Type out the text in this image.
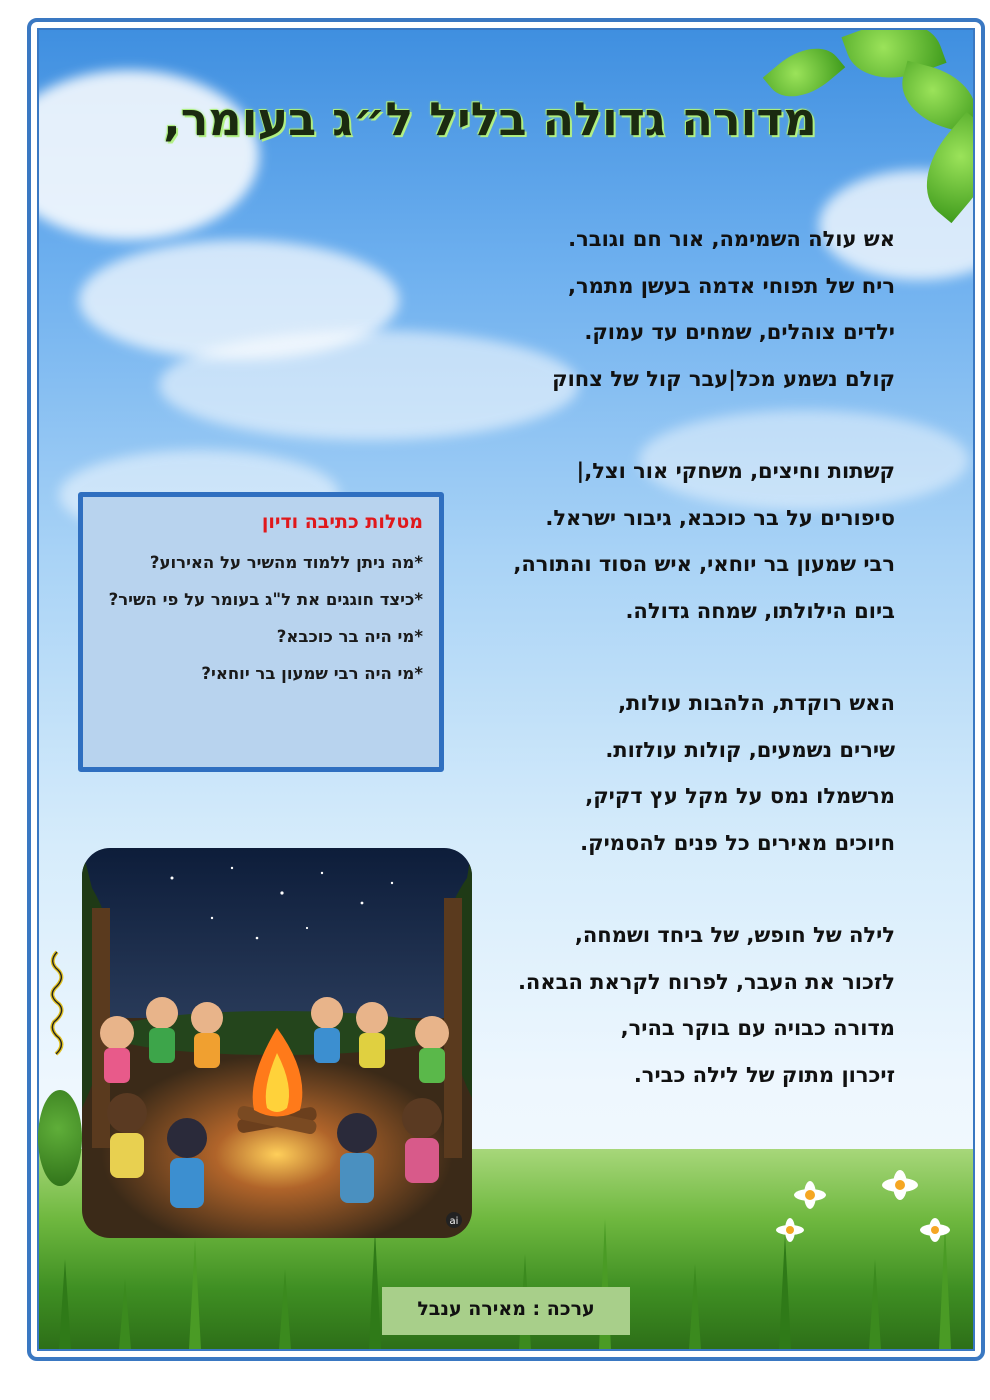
מדורה גדולה בליל ל״ג בעומר,
אש עולה השמימה, אור חם וגובר.
ריח של תפוחי אדמה בעשן מתמר,
ילדים צוהלים, שמחים עד עמוק.
קולם נשמע מכל|עבר קול של צחוק
קשתות וחיצים, משחקי אור וצל,|
סיפורים על בר כוכבא, גיבור ישראל.
רבי שמעון בר יוחאי, איש הסוד והתורה,
ביום הילולתו, שמחה גדולה.
האש רוקדת, הלהבות עולות,
שירים נשמעים, קולות עולזות.
מרשמלו נמס על מקל עץ דקיק,
חיוכים מאירים כל פנים להסמיק.
לילה של חופש, של ביחד ושמחה,
לזכור את העבר, לפרוח לקראת הבאה.
מדורה כבויה עם בוקר בהיר,
זיכרון מתוק של לילה כביר.
מטלות כתיבה ודיון
*מה ניתן ללמוד מהשיר על האירוע?
*כיצד חוגגים את ל"ג בעומר על פי השיר?
*מי היה בר כוכבא?
*מי היה רבי שמעון בר יוחאי?
ai
ערכה : מאירה ענבל
